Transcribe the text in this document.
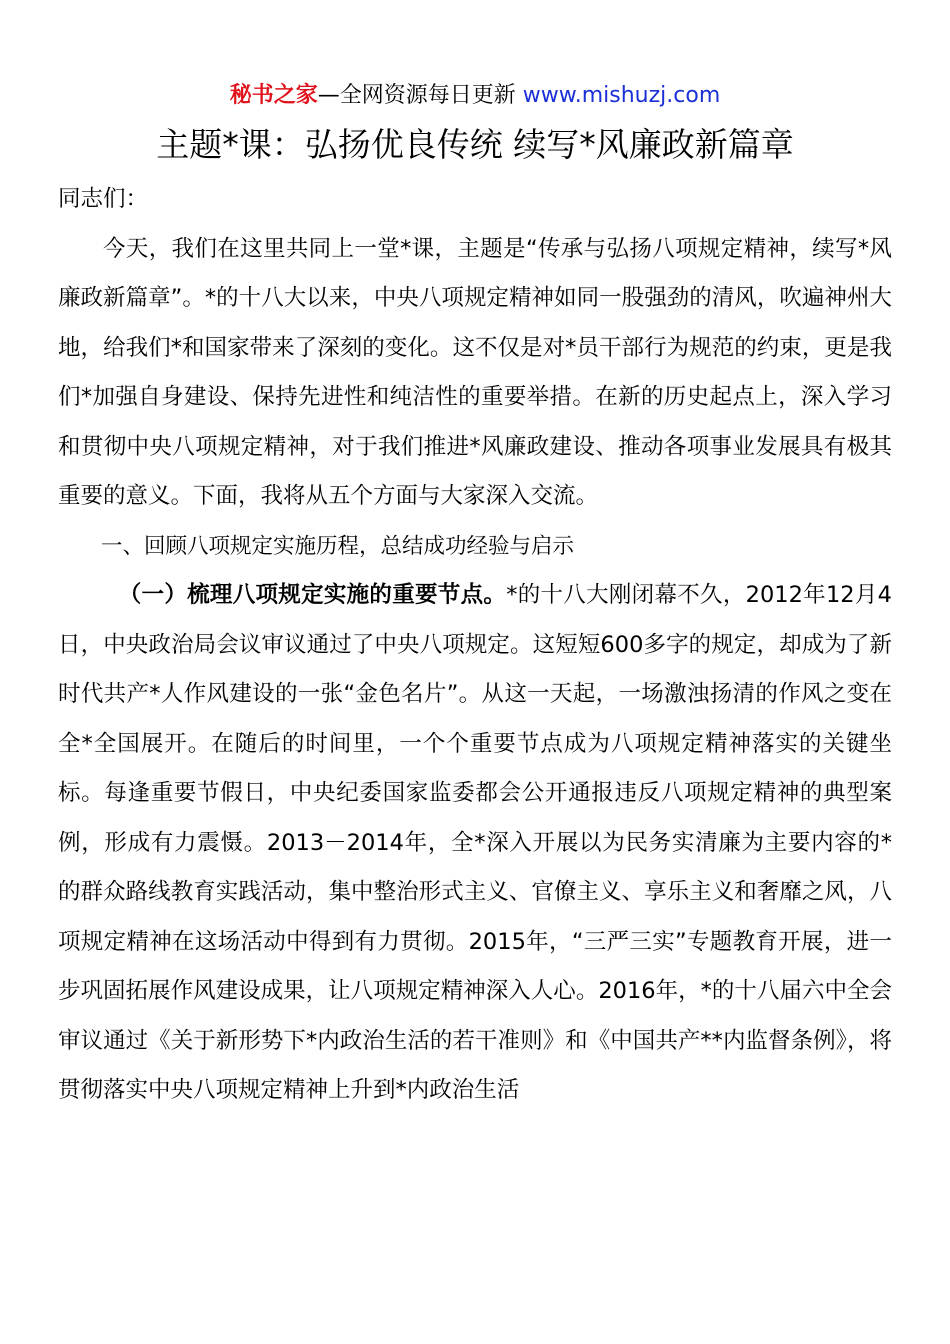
秘书之家—全网资源每日更新 www.mishuzj.com
主题*课：弘扬优良传统 续写*风廉政新篇章

同志们：

今天，我们在这里共同上一堂*课，主题是“传承与弘扬八项规定精神，续写*风廉政新篇章”。*的十八大以来，中央八项规定精神如同一股强劲的清风，吹遍神州大地，给我们*和国家带来了深刻的变化。这不仅是对*员干部行为规范的约束，更是我们*加强自身建设、保持先进性和纯洁性的重要举措。在新的历史起点上，深入学习和贯彻中央八项规定精神，对于我们推进*风廉政建设、推动各项事业发展具有极其重要的意义。下面，我将从五个方面与大家深入交流。

一、回顾八项规定实施历程，总结成功经验与启示

（一）梳理八项规定实施的重要节点。*的十八大刚闭幕不久，2012年12月4日，中央政治局会议审议通过了中央八项规定。这短短600多字的规定，却成为了新时代共产*人作风建设的一张“金色名片”。从这一天起，一场激浊扬清的作风之变在全*全国展开。在随后的时间里，一个个重要节点成为八项规定精神落实的关键坐标。每逢重要节假日，中央纪委国家监委都会公开通报违反八项规定精神的典型案例，形成有力震慑。2013－2014年，全*深入开展以为民务实清廉为主要内容的*的群众路线教育实践活动，集中整治形式主义、官僚主义、享乐主义和奢靡之风，八项规定精神在这场活动中得到有力贯彻。2015年，“三严三实”专题教育开展，进一步巩固拓展作风建设成果，让八项规定精神深入人心。2016年，*的十八届六中全会审议通过《关于新形势下*内政治生活的若干准则》和《中国共产**内监督条例》，将贯彻落实中央八项规定精神上升到*内政治生活
